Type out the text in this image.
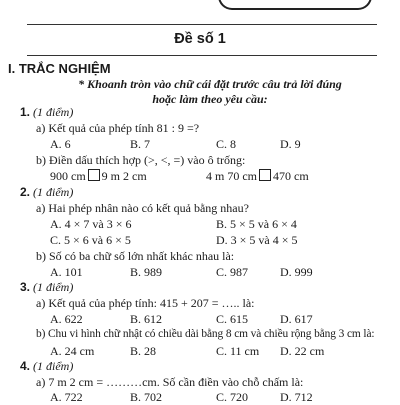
Đề số 1
I. TRẮC NGHIỆM
* Khoanh tròn vào chữ cái đặt trước câu trả lời đúng
hoặc làm theo yêu cầu:
1. (1 điểm)
a) Kết quả của phép tính 81 : 9 =?
A. 6	B. 7	C. 8	D. 9
b) Điền dấu thích hợp (>, <, =) vào ô trống:
900 cm 9 m 2 cm	4 m 70 cm 470 cm
2. (1 điểm)
a) Hai phép nhân nào có kết quả bằng nhau?
A. 4 × 7 và 3 × 6	B. 5 × 5 và 6 × 4
C. 5 × 6 và 6 × 5	D. 3 × 5 và 4 × 5
b) Số có ba chữ số lớn nhất khác nhau là:
A. 101	B. 989	C. 987	D. 999
3. (1 điểm)
a) Kết quả của phép tính: 415 + 207 = ….. là:
A. 622	B. 612	C. 615	D. 617
b) Chu vi hình chữ nhật có chiều dài bằng 8 cm và chiều rộng bằng 3 cm là:
A. 24 cm	B. 28	C. 11 cm D. 22 cm
4. (1 điểm)
a) 7 m 2 cm = ………cm. Số cần điền vào chỗ chấm là:
A. 722	B. 702	C. 720	D. 712
